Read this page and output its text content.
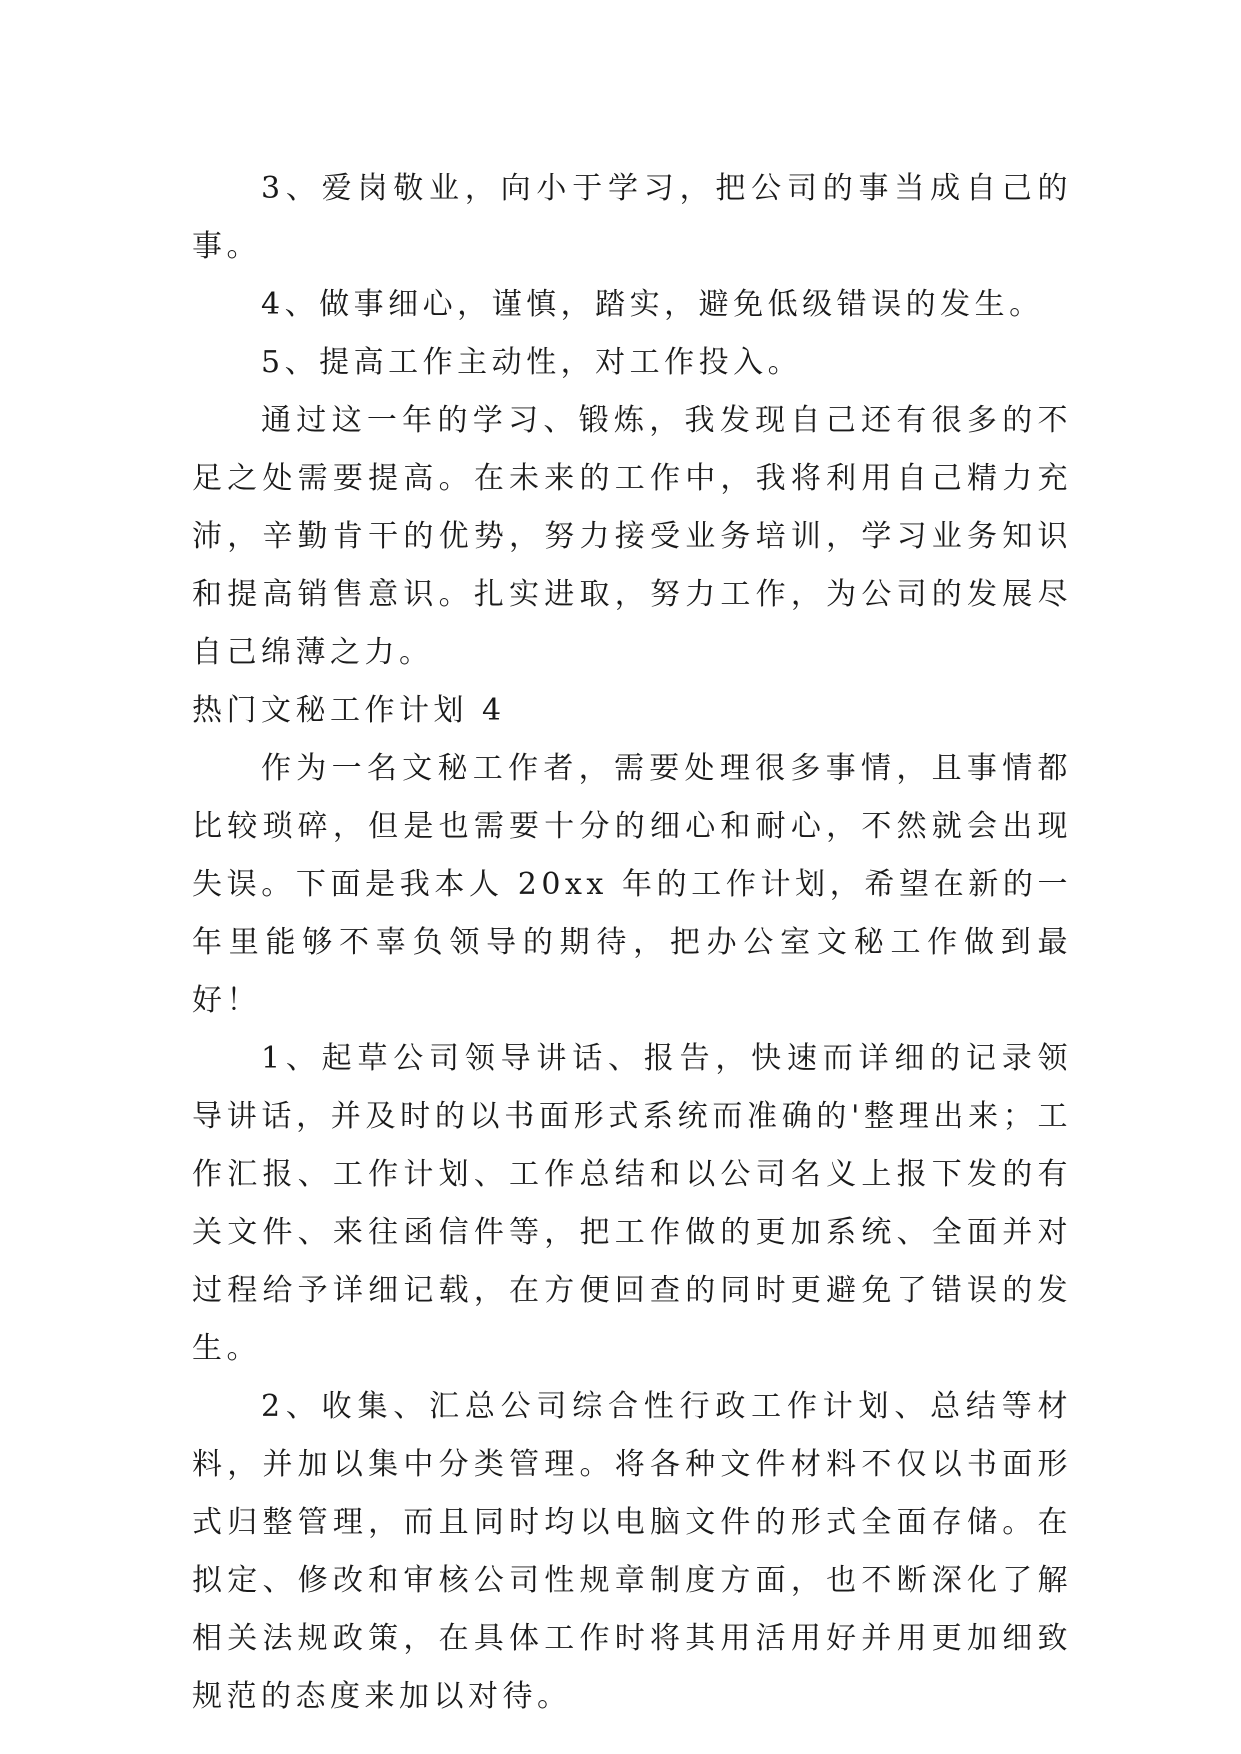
3、爱岗敬业，向小于学习，把公司的事当成自己的事。

4、做事细心，谨慎，踏实，避免低级错误的发生。

5、提高工作主动性，对工作投入。

通过这一年的学习、锻炼，我发现自己还有很多的不足之处需要提高。在未来的工作中，我将利用自己精力充沛，辛勤肯干的优势，努力接受业务培训，学习业务知识和提高销售意识。扎实进取，努力工作，为公司的发展尽自己绵薄之力。

热门文秘工作计划 4

作为一名文秘工作者，需要处理很多事情，且事情都比较琐碎，但是也需要十分的细心和耐心，不然就会出现失误。下面是我本人 20xx 年的工作计划，希望在新的一年里能够不辜负领导的期待，把办公室文秘工作做到最好！

1、起草公司领导讲话、报告，快速而详细的记录领导讲话，并及时的以书面形式系统而准确的'整理出来；工作汇报、工作计划、工作总结和以公司名义上报下发的有关文件、来往函信件等，把工作做的更加系统、全面并对过程给予详细记载，在方便回查的同时更避免了错误的发生。

2、收集、汇总公司综合性行政工作计划、总结等材料，并加以集中分类管理。将各种文件材料不仅以书面形式归整管理，而且同时均以电脑文件的形式全面存储。在拟定、修改和审核公司性规章制度方面，也不断深化了解相关法规政策，在具体工作时将其用活用好并用更加细致规范的态度来加以对待。
